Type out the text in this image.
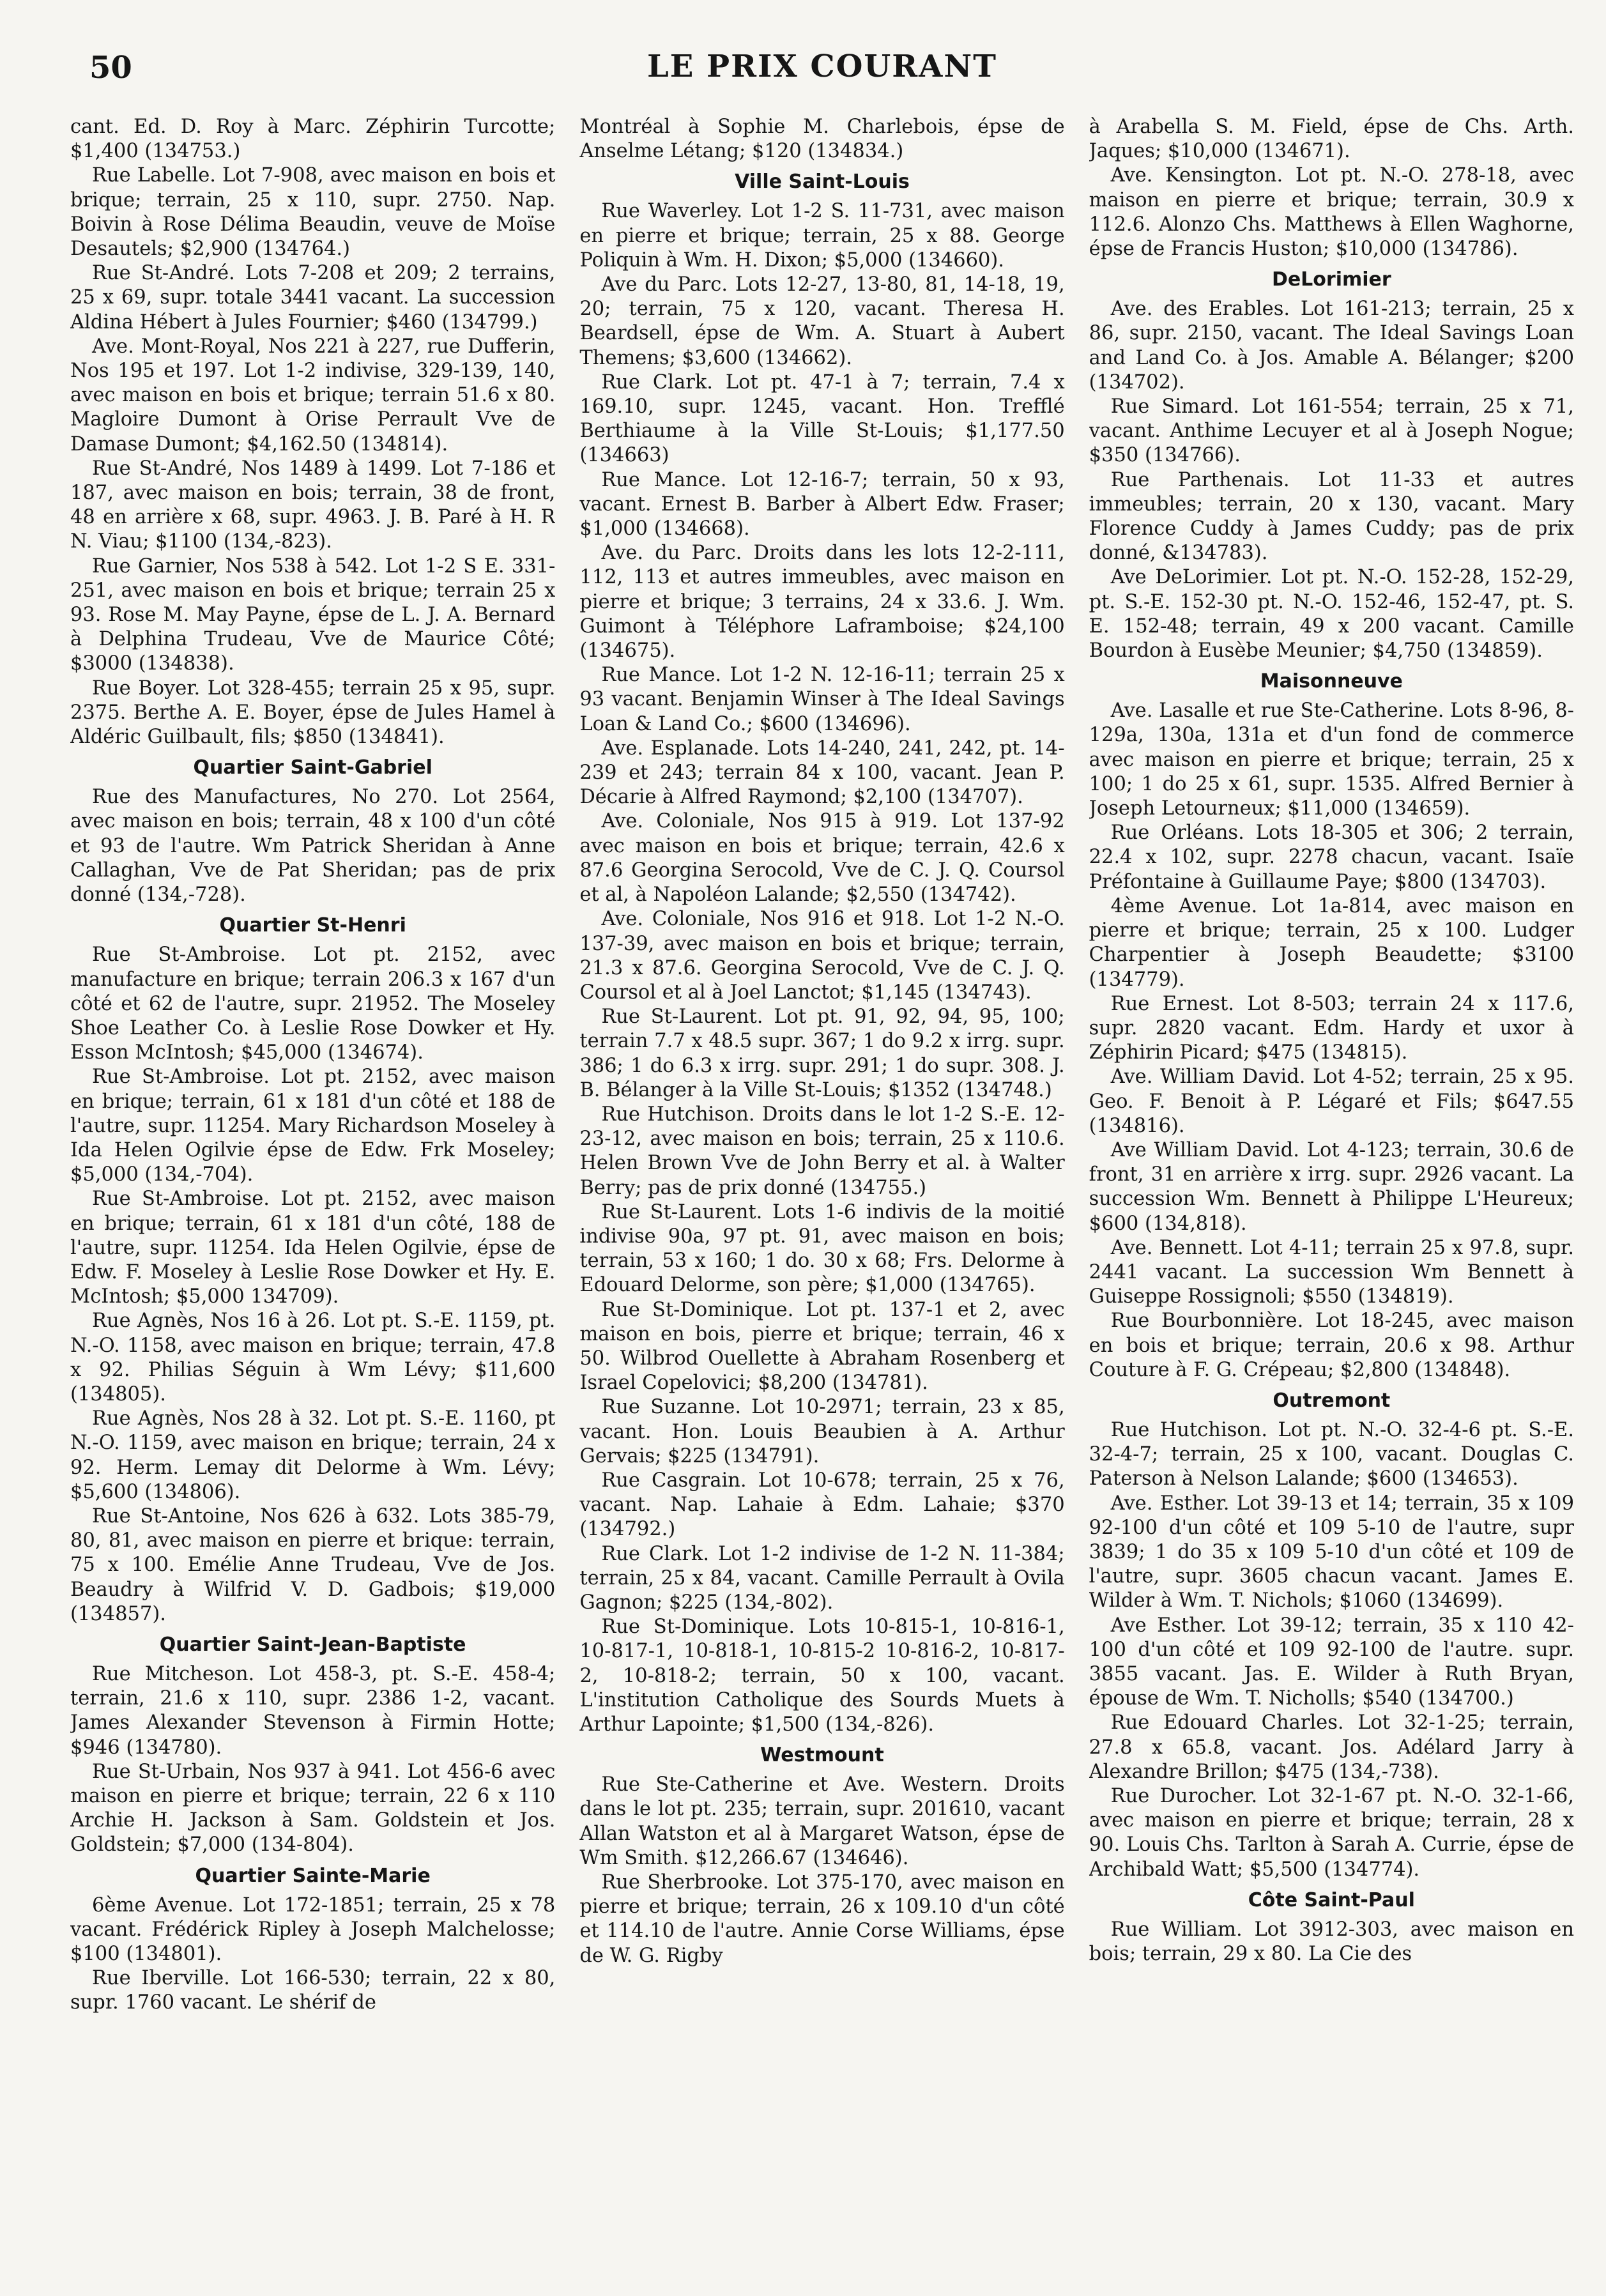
50	LE PRIX COURANT

cant. Ed. D. Roy à Marc. Zéphirin Turcotte; $1,400 (134753.)

Rue Labelle. Lot 7-908, avec maison en bois et brique; terrain, 25 x 110, supr. 2750. Nap. Boivin à Rose Délima Beaudin, veuve de Moïse Desautels; $2,900 (134764.)

Rue St-André. Lots 7-208 et 209; 2 terrains, 25 x 69, supr. totale 3441 vacant. La succession Aldina Hébert à Jules Fournier; $460 (134799.)

Ave. Mont-Royal, Nos 221 à 227, rue Dufferin, Nos 195 et 197. Lot 1-2 indivise, 329-139, 140, avec maison en bois et brique; terrain 51.6 x 80. Magloire Dumont à Orise Perrault Vve de Damase Dumont; $4,162.50 (134814).

Rue St-André, Nos 1489 à 1499. Lot 7-186 et 187, avec maison en bois; terrain, 38 de front, 48 en arrière x 68, supr. 4963. J. B. Paré à H. R N. Viau; $1100 (134,-823).

Rue Garnier, Nos 538 à 542. Lot 1-2 S E. 331-251, avec maison en bois et brique; terrain 25 x 93. Rose M. May Payne, épse de L. J. A. Bernard à Delphina Trudeau, Vve de Maurice Côté; $3000 (134838).

Rue Boyer. Lot 328-455; terrain 25 x 95, supr. 2375. Berthe A. E. Boyer, épse de Jules Hamel à Aldéric Guilbault, fils; $850 (134841).

Quartier Saint-Gabriel

Rue des Manufactures, No 270. Lot 2564, avec maison en bois; terrain, 48 x 100 d'un côté et 93 de l'autre. Wm Patrick Sheridan à Anne Callaghan, Vve de Pat Sheridan; pas de prix donné (134,-728).

Quartier St-Henri

Rue St-Ambroise. Lot pt. 2152, avec manufacture en brique; terrain 206.3 x 167 d'un côté et 62 de l'autre, supr. 21952. The Moseley Shoe Leather Co. à Leslie Rose Dowker et Hy. Esson McIntosh; $45,000 (134674).

Rue St-Ambroise. Lot pt. 2152, avec maison en brique; terrain, 61 x 181 d'un côté et 188 de l'autre, supr. 11254. Mary Richardson Moseley à Ida Helen Ogilvie épse de Edw. Frk Moseley; $5,000 (134,-704).

Rue St-Ambroise. Lot pt. 2152, avec maison en brique; terrain, 61 x 181 d'un côté, 188 de l'autre, supr. 11254. Ida Helen Ogilvie, épse de Edw. F. Moseley à Leslie Rose Dowker et Hy. E. McIntosh; $5,000 134709).

Rue Agnès, Nos 16 à 26. Lot pt. S.-E. 1159, pt. N.-O. 1158, avec maison en brique; terrain, 47.8 x 92. Philias Séguin à Wm Lévy; $11,600 (134805).

Rue Agnès, Nos 28 à 32. Lot pt. S.-E. 1160, pt N.-O. 1159, avec maison en brique; terrain, 24 x 92. Herm. Lemay dit Delorme à Wm. Lévy; $5,600 (134806).

Rue St-Antoine, Nos 626 à 632. Lots 385-79, 80, 81, avec maison en pierre et brique: terrain, 75 x 100. Emélie Anne Trudeau, Vve de Jos. Beaudry à Wilfrid V. D. Gadbois; $19,000 (134857).

Quartier Saint-Jean-Baptiste

Rue Mitcheson. Lot 458-3, pt. S.-E. 458-4; terrain, 21.6 x 110, supr. 2386 1-2, vacant. James Alexander Stevenson à Firmin Hotte; $946 (134780).

Rue St-Urbain, Nos 937 à 941. Lot 456-6 avec maison en pierre et brique; terrain, 22 6 x 110 Archie H. Jackson à Sam. Goldstein et Jos. Goldstein; $7,000 (134-804).

Quartier Sainte-Marie

6ème Avenue. Lot 172-1851; terrain, 25 x 78 vacant. Frédérick Ripley à Joseph Malchelosse; $100 (134801).

Rue Iberville. Lot 166-530; terrain, 22 x 80, supr. 1760 vacant. Le shérif de

Montréal à Sophie M. Charlebois, épse de Anselme Létang; $120 (134834.)

Ville Saint-Louis

Rue Waverley. Lot 1-2 S. 11-731, avec maison en pierre et brique; terrain, 25 x 88. George Poliquin à Wm. H. Dixon; $5,000 (134660).

Ave du Parc. Lots 12-27, 13-80, 81, 14-18, 19, 20; terrain, 75 x 120, vacant. Theresa H. Beardsell, épse de Wm. A. Stuart à Aubert Themens; $3,600 (134662).

Rue Clark. Lot pt. 47-1 à 7; terrain, 7.4 x 169.10, supr. 1245, vacant. Hon. Trefflé Berthiaume à la Ville St-Louis; $1,177.50 (134663)

Rue Mance. Lot 12-16-7; terrain, 50 x 93, vacant. Ernest B. Barber à Albert Edw. Fraser; $1,000 (134668).

Ave. du Parc. Droits dans les lots 12-2-111, 112, 113 et autres immeubles, avec maison en pierre et brique; 3 terrains, 24 x 33.6. J. Wm. Guimont à Téléphore Laframboise; $24,100 (134675).

Rue Mance. Lot 1-2 N. 12-16-11; terrain 25 x 93 vacant. Benjamin Winser à The Ideal Savings Loan & Land Co.; $600 (134696).

Ave. Esplanade. Lots 14-240, 241, 242, pt. 14-239 et 243; terrain 84 x 100, vacant. Jean P. Décarie à Alfred Raymond; $2,100 (134707).

Ave. Coloniale, Nos 915 à 919. Lot 137-92 avec maison en bois et brique; terrain, 42.6 x 87.6 Georgina Serocold, Vve de C. J. Q. Coursol et al, à Napoléon Lalande; $2,550 (134742).

Ave. Coloniale, Nos 916 et 918. Lot 1-2 N.-O. 137-39, avec maison en bois et brique; terrain, 21.3 x 87.6. Georgina Serocold, Vve de C. J. Q. Coursol et al à Joel Lanctot; $1,145 (134743).

Rue St-Laurent. Lot pt. 91, 92, 94, 95, 100; terrain 7.7 x 48.5 supr. 367; 1 do 9.2 x irrg. supr. 386; 1 do 6.3 x irrg. supr. 291; 1 do supr. 308. J. B. Bélanger à la Ville St-Louis; $1352 (134748.)

Rue Hutchison. Droits dans le lot 1-2 S.-E. 12-23-12, avec maison en bois; terrain, 25 x 110.6. Helen Brown Vve de John Berry et al. à Walter Berry; pas de prix donné (134755.)

Rue St-Laurent. Lots 1-6 indivis de la moitié indivise 90a, 97 pt. 91, avec maison en bois; terrain, 53 x 160; 1 do. 30 x 68; Frs. Delorme à Edouard Delorme, son père; $1,000 (134765).

Rue St-Dominique. Lot pt. 137-1 et 2, avec maison en bois, pierre et brique; terrain, 46 x 50. Wilbrod Ouellette à Abraham Rosenberg et Israel Copelovici; $8,200 (134781).

Rue Suzanne. Lot 10-2971; terrain, 23 x 85, vacant. Hon. Louis Beaubien à A. Arthur Gervais; $225 (134791).

Rue Casgrain. Lot 10-678; terrain, 25 x 76, vacant. Nap. Lahaie à Edm. Lahaie; $370 (134792.)

Rue Clark. Lot 1-2 indivise de 1-2 N. 11-384; terrain, 25 x 84, vacant. Camille Perrault à Ovila Gagnon; $225 (134,-802).

Rue St-Dominique. Lots 10-815-1, 10-816-1, 10-817-1, 10-818-1, 10-815-2 10-816-2, 10-817-2, 10-818-2; terrain, 50 x 100, vacant. L'institution Catholique des Sourds Muets à Arthur Lapointe; $1,500 (134,-826).

Westmount

Rue Ste-Catherine et Ave. Western. Droits dans le lot pt. 235; terrain, supr. 201610, vacant Allan Watston et al à Margaret Watson, épse de Wm Smith. $12,266.67 (134646).

Rue Sherbrooke. Lot 375-170, avec maison en pierre et brique; terrain, 26 x 109.10 d'un côté et 114.10 de l'autre. Annie Corse Williams, épse de W. G. Rigby

à Arabella S. M. Field, épse de Chs. Arth. Jaques; $10,000 (134671).

Ave. Kensington. Lot pt. N.-O. 278-18, avec maison en pierre et brique; terrain, 30.9 x 112.6. Alonzo Chs. Matthews à Ellen Waghorne, épse de Francis Huston; $10,000 (134786).

DeLorimier

Ave. des Erables. Lot 161-213; terrain, 25 x 86, supr. 2150, vacant. The Ideal Savings Loan and Land Co. à Jos. Amable A. Bélanger; $200 (134702).

Rue Simard. Lot 161-554; terrain, 25 x 71, vacant. Anthime Lecuyer et al à Joseph Nogue; $350 (134766).

Rue Parthenais. Lot 11-33 et autres immeubles; terrain, 20 x 130, vacant. Mary Florence Cuddy à James Cuddy; pas de prix donné, &134783).

Ave DeLorimier. Lot pt. N.-O. 152-28, 152-29, pt. S.-E. 152-30 pt. N.-O. 152-46, 152-47, pt. S. E. 152-48; terrain, 49 x 200 vacant. Camille Bourdon à Eusèbe Meunier; $4,750 (134859).

Maisonneuve

Ave. Lasalle et rue Ste-Catherine. Lots 8-96, 8-129a, 130a, 131a et d'un fond de commerce avec maison en pierre et brique; terrain, 25 x 100; 1 do 25 x 61, supr. 1535. Alfred Bernier à Joseph Letourneux; $11,000 (134659).

Rue Orléans. Lots 18-305 et 306; 2 terrain, 22.4 x 102, supr. 2278 chacun, vacant. Isaïe Préfontaine à Guillaume Paye; $800 (134703).

4ème Avenue. Lot 1a-814, avec maison en pierre et brique; terrain, 25 x 100. Ludger Charpentier à Joseph Beaudette; $3100 (134779).

Rue Ernest. Lot 8-503; terrain 24 x 117.6, supr. 2820 vacant. Edm. Hardy et uxor à Zéphirin Picard; $475 (134815).

Ave. William David. Lot 4-52; terrain, 25 x 95. Geo. F. Benoit à P. Légaré et Fils; $647.55 (134816).

Ave William David. Lot 4-123; terrain, 30.6 de front, 31 en arrière x irrg. supr. 2926 vacant. La succession Wm. Bennett à Philippe L'Heureux; $600 (134,818).

Ave. Bennett. Lot 4-11; terrain 25 x 97.8, supr. 2441 vacant. La succession Wm Bennett à Guiseppe Rossignoli; $550 (134819).

Rue Bourbonnière. Lot 18-245, avec maison en bois et brique; terrain, 20.6 x 98. Arthur Couture à F. G. Crépeau; $2,800 (134848).

Outremont

Rue Hutchison. Lot pt. N.-O. 32-4-6 pt. S.-E. 32-4-7; terrain, 25 x 100, vacant. Douglas C. Paterson à Nelson Lalande; $600 (134653).

Ave. Esther. Lot 39-13 et 14; terrain, 35 x 109 92-100 d'un côté et 109 5-10 de l'autre, supr 3839; 1 do 35 x 109 5-10 d'un côté et 109 de l'autre, supr. 3605 chacun vacant. James E. Wilder à Wm. T. Nichols; $1060 (134699).

Ave Esther. Lot 39-12; terrain, 35 x 110 42-100 d'un côté et 109 92-100 de l'autre. supr. 3855 vacant. Jas. E. Wilder à Ruth Bryan, épouse de Wm. T. Nicholls; $540 (134700.)

Rue Edouard Charles. Lot 32-1-25; terrain, 27.8 x 65.8, vacant. Jos. Adélard Jarry à Alexandre Brillon; $475 (134,-738).

Rue Durocher. Lot 32-1-67 pt. N.-O. 32-1-66, avec maison en pierre et brique; terrain, 28 x 90. Louis Chs. Tarlton à Sarah A. Currie, épse de Archibald Watt; $5,500 (134774).

Côte Saint-Paul

Rue William. Lot 3912-303, avec maison en bois; terrain, 29 x 80. La Cie des
